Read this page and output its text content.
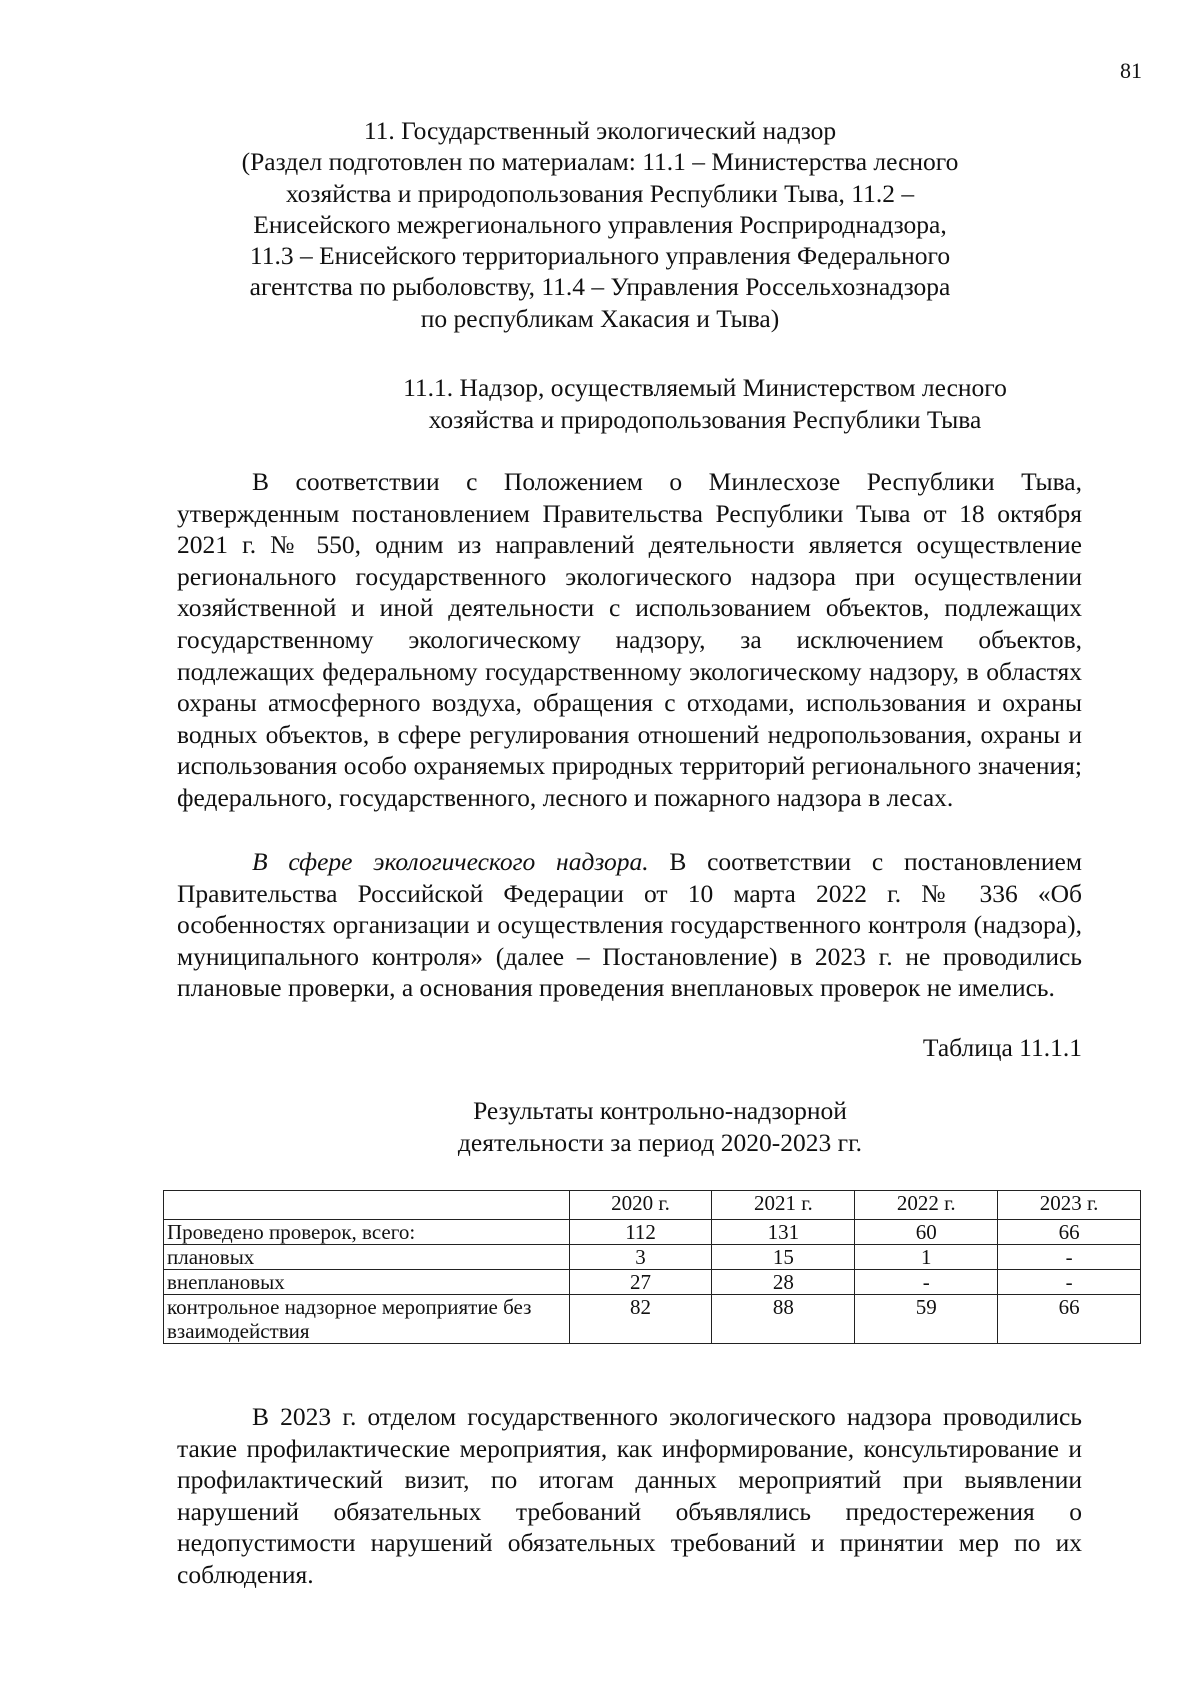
81
11. Государственный экологический надзор
(Раздел подготовлен по материалам: 11.1 – Министерства лесного
хозяйства и природопользования Республики Тыва, 11.2 –
Енисейского межрегионального управления Росприроднадзора,
11.3 – Енисейского территориального управления Федерального
агентства по рыболовству, 11.4 – Управления Россельхознадзора
по республикам Хакасия и Тыва)
11.1. Надзор, осуществляемый Министерством лесного
хозяйства и природопользования Республики Тыва

В соответствии с Положением о Минлесхозе Республики Тыва, утвержденным постановлением Правительства Республики Тыва от 18 октября 2021 г. № 550, одним из направлений деятельности является осуществление регионального государственного экологического надзора при осуществлении хозяйственной и иной деятельности с использованием объектов, подлежащих государственному экологическому надзору, за исключением объектов, подлежащих федеральному государственному экологическому надзору, в областях охраны атмосферного воздуха, обращения с отходами, использования и охраны водных объектов, в сфере регулирования отношений недропользования, охраны и использования особо охраняемых природных территорий регионального значения; федерального, государственного, лесного и пожарного надзора в лесах.

В сфере экологического надзора. В соответствии с постановлением Правительства Российской Федерации от 10 марта 2022 г. № 336 «Об особенностях организации и осуществления государственного контроля (надзора), муниципального контроля» (далее – Постановление) в 2023 г. не проводились плановые проверки, а основания проведения внеплановых проверок не имелись.

Таблица 11.1.1
Результаты контрольно-надзорной
деятельности за период 2020-2023 гг.
	2020 г.	2021 г.	2022 г.	2023 г.
Проведено проверок, всего:	112	131	60	66
плановых	3	15	1	-
внеплановых	27	28	-	-
контрольное надзорное мероприятие без взаимодействия	82	88	59	66

В 2023 г. отделом государственного экологического надзора проводились такие профилактические мероприятия, как информирование, консультирование и профилактический визит, по итогам данных мероприятий при выявлении нарушений обязательных требований объявлялись предостережения о недопустимости нарушений обязательных требований и принятии мер по их соблюдения.
